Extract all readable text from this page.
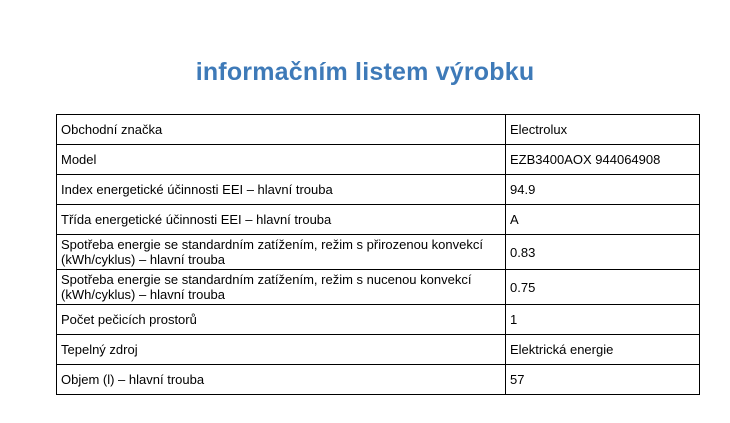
informačním listem výrobku
Obchodní značka	Electrolux
Model	EZB3400AOX 944064908
Index energetické účinnosti EEI – hlavní trouba	94.9
Třída energetické účinnosti EEI – hlavní trouba	A
Spotřeba energie se standardním zatížením, režim s přirozenou konvekcí (kWh/cyklus) – hlavní trouba	0.83
Spotřeba energie se standardním zatížením, režim s nucenou konvekcí (kWh/cyklus) – hlavní trouba	0.75
Počet pečicích prostorů	1
Tepelný zdroj	Elektrická energie
Objem (l) – hlavní trouba	57
